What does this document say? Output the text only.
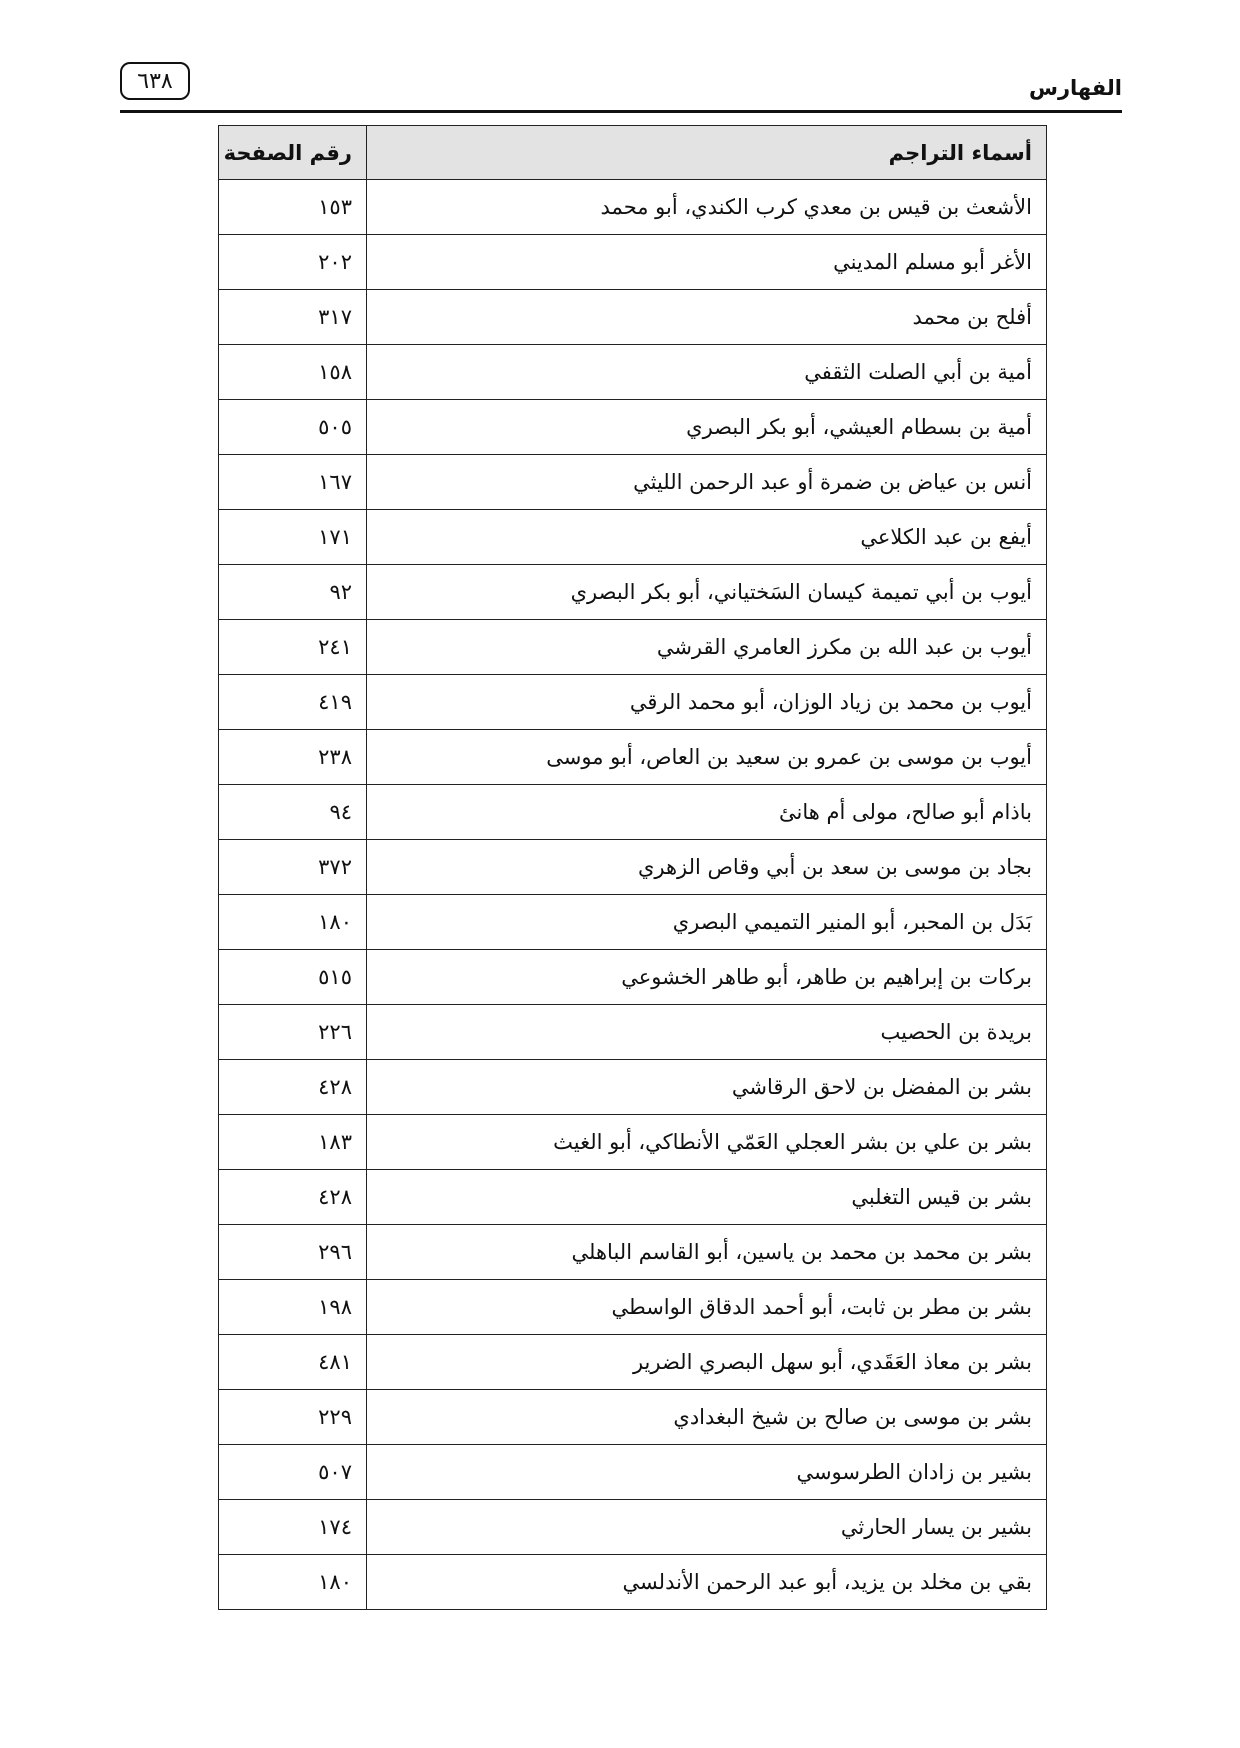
٦٣٨	الفهارس
أسماء التراجم	رقم الصفحة
الأشعث بن قيس بن معدي كرب الكندي، أبو محمد	١٥٣
الأغر أبو مسلم المديني	٢٠٢
أفلح بن محمد	٣١٧
أمية بن أبي الصلت الثقفي	١٥٨
أمية بن بسطام العيشي، أبو بكر البصري	٥٠٥
أنس بن عياض بن ضمرة أو عبد الرحمن الليثي	١٦٧
أيفع بن عبد الكلاعي	١٧١
أيوب بن أبي تميمة كيسان السَختياني، أبو بكر البصري	٩٢
أيوب بن عبد الله بن مكرز العامري القرشي	٢٤١
أيوب بن محمد بن زياد الوزان، أبو محمد الرقي	٤١٩
أيوب بن موسى بن عمرو بن سعيد بن العاص، أبو موسى	٢٣٨
باذام أبو صالح، مولى أم هانئ	٩٤
بجاد بن موسى بن سعد بن أبي وقاص الزهري	٣٧٢
بَدَل بن المحبر، أبو المنير التميمي البصري	١٨٠
بركات بن إبراهيم بن طاهر، أبو طاهر الخشوعي	٥١٥
بريدة بن الحصيب	٢٢٦
بشر بن المفضل بن لاحق الرقاشي	٤٢٨
بشر بن علي بن بشر العجلي العَمّي الأنطاكي، أبو الغيث	١٨٣
بشر بن قيس التغلبي	٤٢٨
بشر بن محمد بن محمد بن ياسين، أبو القاسم الباهلي	٢٩٦
بشر بن مطر بن ثابت، أبو أحمد الدقاق الواسطي	١٩٨
بشر بن معاذ العَقَدي، أبو سهل البصري الضرير	٤٨١
بشر بن موسى بن صالح بن شيخ البغدادي	٢٢٩
بشير بن زادان الطرسوسي	٥٠٧
بشير بن يسار الحارثي	١٧٤
بقي بن مخلد بن يزيد، أبو عبد الرحمن الأندلسي	١٨٠
